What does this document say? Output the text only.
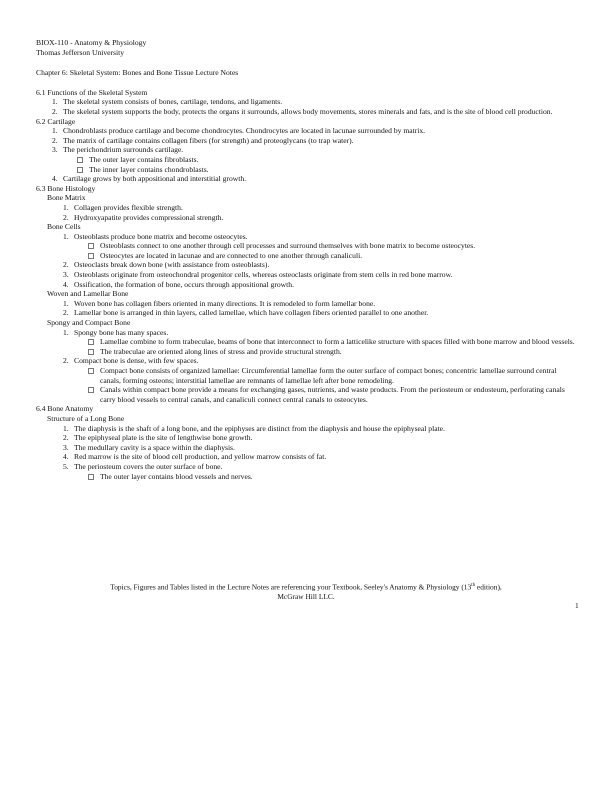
BIOX-110 - Anatomy & Physiology
Thomas Jefferson University
Chapter 6: Skeletal System: Bones and Bone Tissue Lecture Notes
6.1 Functions of the Skeletal System
1. The skeletal system consists of bones, cartilage, tendons, and ligaments.
2. The skeletal system supports the body, protects the organs it surrounds, allows body movements, stores minerals and fats, and is the site of blood cell production.
6.2 Cartilage
1. Chondroblasts produce cartilage and become chondrocytes. Chondrocytes are located in lacunae surrounded by matrix.
2. The matrix of cartilage contains collagen fibers (for strength) and proteoglycans (to trap water).
3. The perichondrium surrounds cartilage.
The outer layer contains fibroblasts.
The inner layer contains chondroblasts.
4. Cartilage grows by both appositional and interstitial growth.
6.3 Bone Histology
Bone Matrix
1. Collagen provides flexible strength.
2. Hydroxyapatite provides compressional strength.
Bone Cells
1. Osteoblasts produce bone matrix and become osteocytes.
Osteoblasts connect to one another through cell processes and surround themselves with bone matrix to become osteocytes.
Osteocytes are located in lacunae and are connected to one another through canaliculi.
2. Osteoclasts break down bone (with assistance from osteoblasts).
3. Osteoblasts originate from osteochondral progenitor cells, whereas osteoclasts originate from stem cells in red bone marrow.
4. Ossification, the formation of bone, occurs through appositional growth.
Woven and Lamellar Bone
1. Woven bone has collagen fibers oriented in many directions. It is remodeled to form lamellar bone.
2. Lamellar bone is arranged in thin layers, called lamellae, which have collagen fibers oriented parallel to one another.
Spongy and Compact Bone
1. Spongy bone has many spaces.
Lamellae combine to form trabeculae, beams of bone that interconnect to form a latticelike structure with spaces filled with bone marrow and blood vessels.
The trabeculae are oriented along lines of stress and provide structural strength.
2. Compact bone is dense, with few spaces.
Compact bone consists of organized lamellae: Circumferential lamellae form the outer surface of compact bones; concentric lamellae surround central canals, forming osteons; interstitial lamellae are remnants of lamellae left after bone remodeling.
Canals within compact bone provide a means for exchanging gases, nutrients, and waste products. From the periosteum or endosteum, perforating canals carry blood vessels to central canals, and canaliculi connect central canals to osteocytes.
6.4 Bone Anatomy
Structure of a Long Bone
1. The diaphysis is the shaft of a long bone, and the epiphyses are distinct from the diaphysis and house the epiphyseal plate.
2. The epiphyseal plate is the site of lengthwise bone growth.
3. The medullary cavity is a space within the diaphysis.
4. Red marrow is the site of blood cell production, and yellow marrow consists of fat.
5. The periosteum covers the outer surface of bone.
The outer layer contains blood vessels and nerves.
Topics, Figures and Tables listed in the Lecture Notes are referencing your Textbook, Seeley's Anatomy & Physiology (13th edition),
McGraw Hill LLC.
1
